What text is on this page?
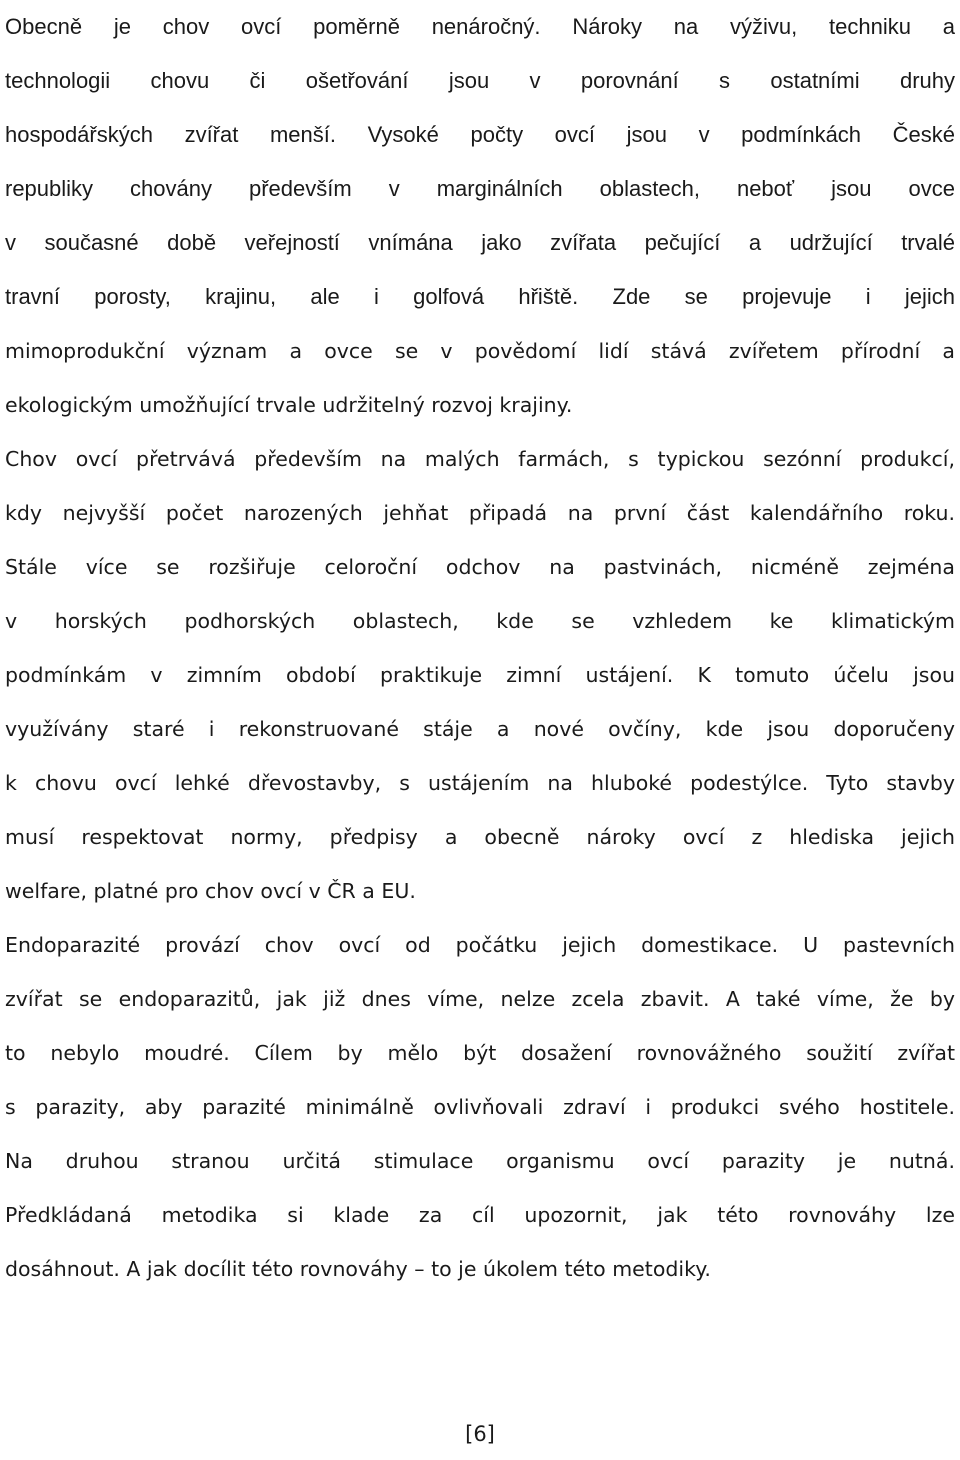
Obecně je chov ovcí poměrně nenáročný. Nároky na výživu, techniku a
technologii chovu či ošetřování jsou v porovnání s ostatními druhy
hospodářských zvířat menší. Vysoké počty ovcí jsou v podmínkách České
republiky chovány především v marginálních oblastech, neboť jsou ovce
v současné době veřejností vnímána jako zvířata pečující a udržující trvalé
travní porosty, krajinu, ale i golfová hřiště. Zde se projevuje i jejich
mimoprodukční význam a ovce se v povědomí lidí stává zvířetem přírodní a
ekologickým umožňující trvale udržitelný rozvoj krajiny.
Chov ovcí přetrvává především na malých farmách, s typickou sezónní produkcí,
kdy nejvyšší počet narozených jehňat připadá na první část kalendářního roku.
Stále více se rozšiřuje celoroční odchov na pastvinách, nicméně zejména
v horských podhorských oblastech, kde se vzhledem ke klimatickým
podmínkám v zimním období praktikuje zimní ustájení. K tomuto účelu jsou
využívány staré i rekonstruované stáje a nové ovčíny, kde jsou doporučeny
k chovu ovcí lehké dřevostavby, s ustájením na hluboké podestýlce. Tyto stavby
musí respektovat normy, předpisy a obecně nároky ovcí z hlediska jejich
welfare, platné pro chov ovcí v ČR a EU.
Endoparazité provází chov ovcí od počátku jejich domestikace. U pastevních
zvířat se endoparazitů, jak již dnes víme, nelze zcela zbavit. A také víme, že by
to nebylo moudré. Cílem by mělo být dosažení rovnovážného soužití zvířat
s parazity, aby parazité minimálně ovlivňovali zdraví i produkci svého hostitele.
Na druhou stranou určitá stimulace organismu ovcí parazity je nutná.
Předkládaná metodika si klade za cíl upozornit, jak této rovnováhy lze
dosáhnout. A jak docílit této rovnováhy – to je úkolem této metodiky.
[6]
